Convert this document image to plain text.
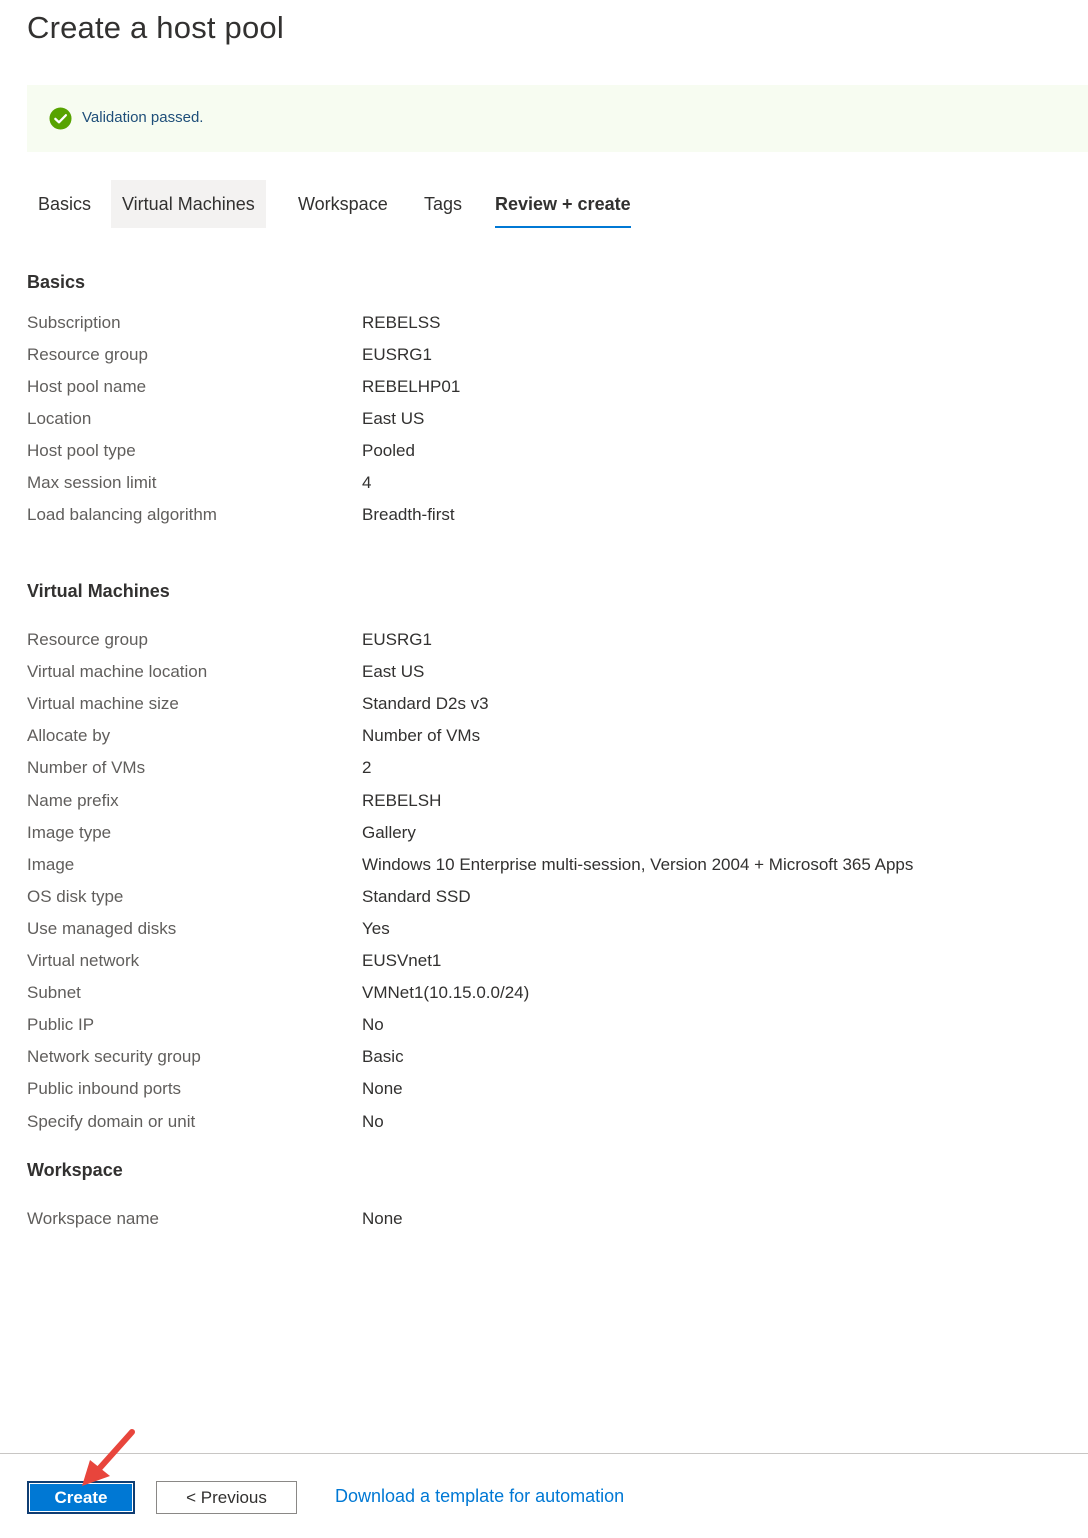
Create a host pool
Validation passed.
Basics	Virtual Machines	Workspace Tags Review + create
Basics
Subscription	REBELSS
Resource group	EUSRG1
Host pool name	REBELHP01
Location	East US
Host pool type	Pooled
Max session limit	4
Load balancing algorithm	Breadth-first
Virtual Machines
Resource group	EUSRG1
Virtual machine location	East US
Virtual machine size	Standard D2s v3
Allocate by	Number of VMs
Number of VMs	2
Name prefix	REBELSH
Image type	Gallery
Image	Windows 10 Enterprise multi-session, Version 2004 + Microsoft 365 Apps
OS disk type	Standard SSD
Use managed disks	Yes
Virtual network	EUSVnet1
Subnet	VMNet1(10.15.0.0/24)
Public IP	No
Network security group	Basic
Public inbound ports	None
Specify domain or unit	No
Workspace
Workspace name	None
Create	< Previous	Download a template for automation
